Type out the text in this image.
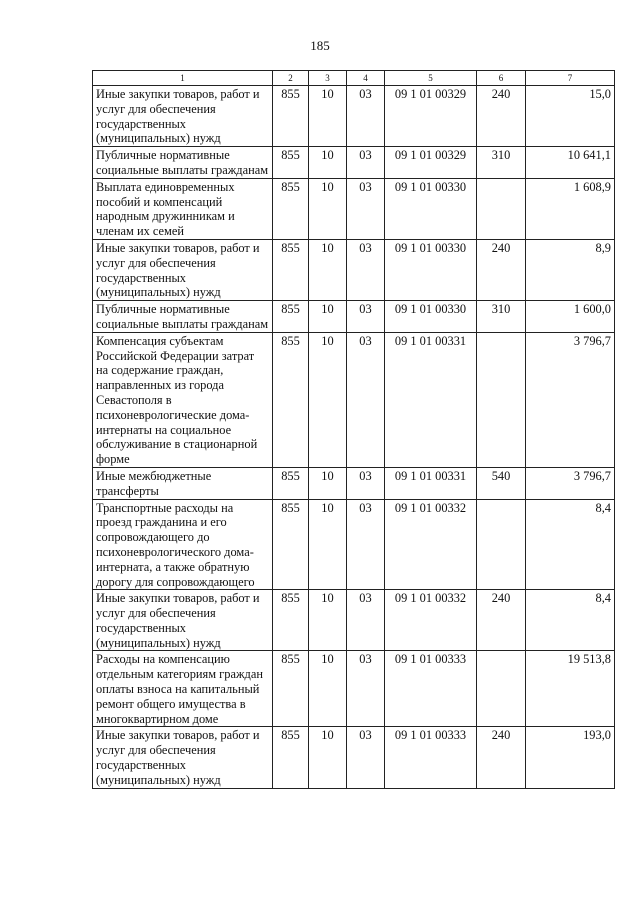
185
1	2	3	4	5	6	7
Иные закупки товаров, работ и услуг для обеспечения государственных (муниципальных) нужд	855	10	03	09 1 01 00329	240	15,0
Публичные нормативные социальные выплаты гражданам	855	10	03	09 1 01 00329	310	10 641,1
Выплата единовременных пособий и компенсаций народным дружинникам и членам их семей	855	10	03	09 1 01 00330		1 608,9
Иные закупки товаров, работ и услуг для обеспечения государственных (муниципальных) нужд	855	10	03	09 1 01 00330	240	8,9
Публичные нормативные социальные выплаты гражданам	855	10	03	09 1 01 00330	310	1 600,0
Компенсация субъектам Российской Федерации затрат на содержание граждан, направленных из города Севастополя в психоневрологические дома-интернаты на социальное обслуживание в стационарной форме	855	10	03	09 1 01 00331		3 796,7
Иные межбюджетные трансферты	855	10	03	09 1 01 00331	540	3 796,7
Транспортные расходы на проезд гражданина и его сопровождающего до психоневрологического дома-интерната, а также обратную дорогу для сопровождающего	855	10	03	09 1 01 00332		8,4
Иные закупки товаров, работ и услуг для обеспечения государственных (муниципальных) нужд	855	10	03	09 1 01 00332	240	8,4
Расходы на компенсацию отдельным категориям граждан оплаты взноса на капитальный ремонт общего имущества в многоквартирном доме	855	10	03	09 1 01 00333		19 513,8
Иные закупки товаров, работ и услуг для обеспечения государственных (муниципальных) нужд	855	10	03	09 1 01 00333	240	193,0
